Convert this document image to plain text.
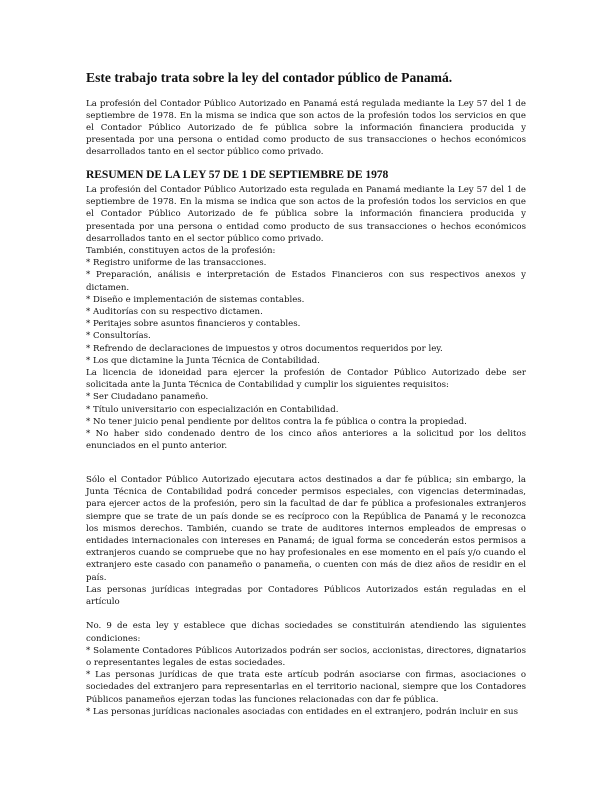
Este trabajo trata sobre la ley del contador público de Panamá.

La profesión del Contador Público Autorizado en Panamá está regulada mediante la Ley 57 del 1 de septiembre de 1978. En la misma se indica que son actos de la profesión todos los servicios en que el Contador Público Autorizado de fe pública sobre la información financiera producida y presentada por una persona o entidad como producto de sus transacciones o hechos económicos desarrollados tanto en el sector público como privado.

RESUMEN DE LA LEY 57 DE 1 DE SEPTIEMBRE DE 1978

La profesión del Contador Público Autorizado esta regulada en Panamá mediante la Ley 57 del 1 de septiembre de 1978. En la misma se indica que son actos de la profesión todos los servicios en que el Contador Público Autorizado de fe pública sobre la información financiera producida y presentada por una persona o entidad como producto de sus transacciones o hechos económicos desarrollados tanto en el sector público como privado.

También, constituyen actos de la profesión:

* Registro uniforme de las transacciones.

* Preparación, análisis e interpretación de Estados Financieros con sus respectivos anexos y dictamen.

* Diseño e implementación de sistemas contables.

* Auditorías con su respectivo dictamen.

* Peritajes sobre asuntos financieros y contables.

* Consultorías.

* Refrendo de declaraciones de impuestos y otros documentos requeridos por ley.

* Los que dictamine la Junta Técnica de Contabilidad.

La licencia de idoneidad para ejercer la profesión de Contador Público Autorizado debe ser solicitada ante la Junta Técnica de Contabilidad y cumplir los siguientes requisitos:

* Ser Ciudadano panameño.

* Título universitario con especialización en Contabilidad.

* No tener juicio penal pendiente por delitos contra la fe pública o contra la propiedad.

* No haber sido condenado dentro de los cinco años anteriores a la solicitud por los delitos enunciados en el punto anterior.

Sólo el Contador Público Autorizado ejecutara actos destinados a dar fe pública; sin embargo, la Junta Técnica de Contabilidad podrá conceder permisos especiales, con vigencias determinadas, para ejercer actos de la profesión, pero sin la facultad de dar fe pública a profesionales extranjeros siempre que se trate de un país donde se es recíproco con la República de Panamá y le reconozca los mismos derechos. También, cuando se trate de auditores internos empleados de empresas o entidades internacionales con intereses en Panamá; de igual forma se concederán estos permisos a extranjeros cuando se compruebe que no hay profesionales en ese momento en el país y/o cuando el extranjero este casado con panameño o panameña, o cuenten con más de diez años de residir en el país.

Las personas jurídicas integradas por Contadores Públicos Autorizados están reguladas en el artículo

No. 9 de esta ley y establece que dichas sociedades se constituirán atendiendo las siguientes condiciones:

* Solamente Contadores Públicos Autorizados podrán ser socios, accionistas, directores, dignatarios o representantes legales de estas sociedades.

* Las personas jurídicas de que trata este artícub podrán asociarse con firmas, asociaciones o sociedades del extranjero para representarlas en el territorio nacional, siempre que los Contadores Públicos panameños ejerzan todas las funciones relacionadas con dar fe pública.

* Las personas jurídicas nacionales asociadas con entidades en el extranjero, podrán incluir en sus
